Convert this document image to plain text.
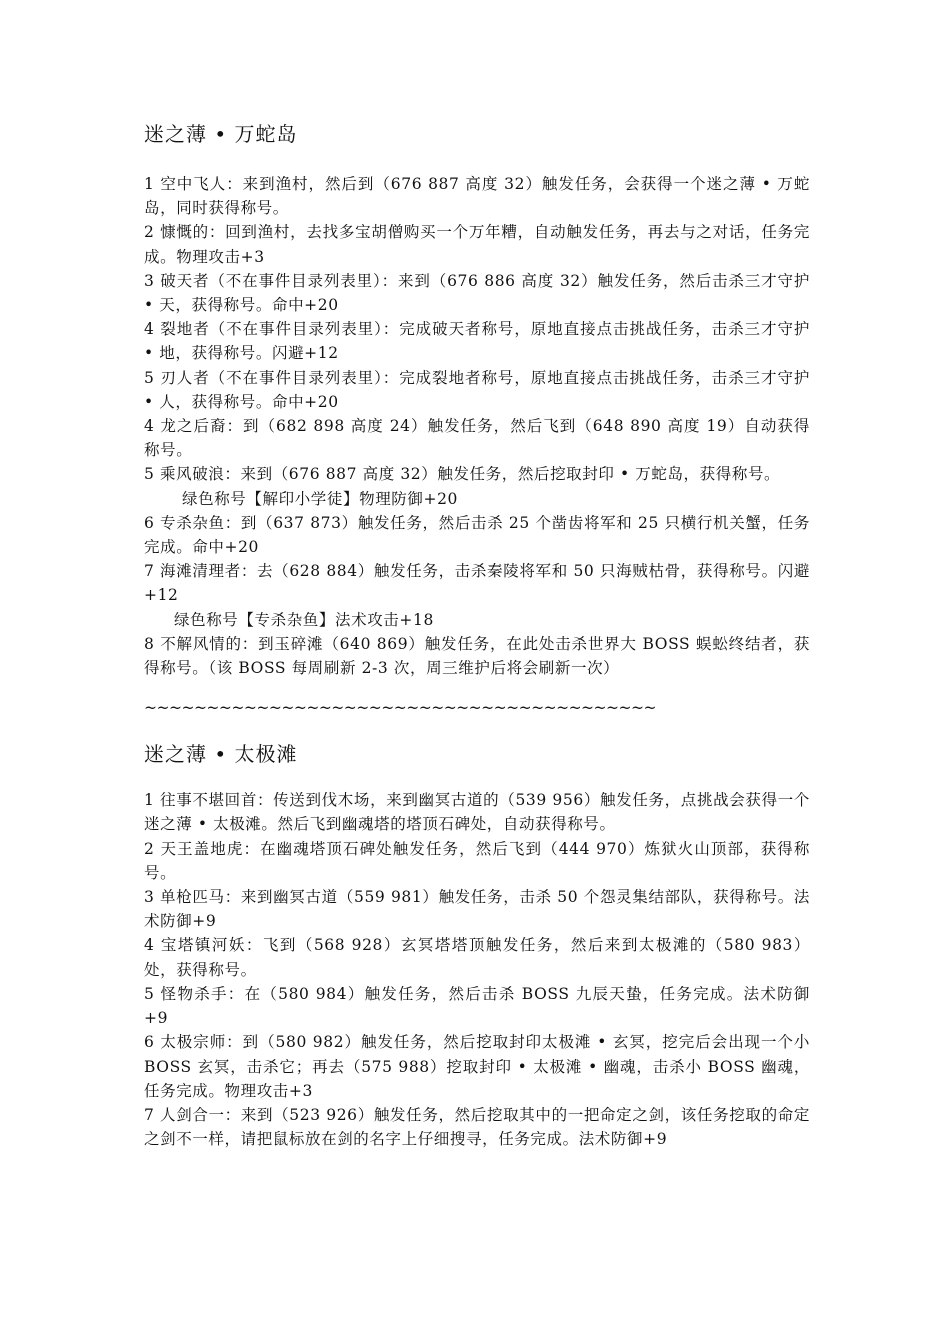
迷之薄 • 万蛇岛

1 空中飞人：来到渔村，然后到（676 887 高度 32）触发任务，会获得一个迷之薄 • 万蛇岛，同时获得称号。

2 慷慨的：回到渔村，去找多宝胡僧购买一个万年糟，自动触发任务，再去与之对话，任务完成。物理攻击+3

3 破天者（不在事件目录列表里）：来到（676 886 高度 32）触发任务，然后击杀三才守护 • 天，获得称号。命中+20

4 裂地者（不在事件目录列表里）：完成破天者称号，原地直接点击挑战任务，击杀三才守护 • 地，获得称号。闪避+12

5 刃人者（不在事件目录列表里）：完成裂地者称号，原地直接点击挑战任务，击杀三才守护 • 人，获得称号。命中+20

4 龙之后裔：到（682 898 高度 24）触发任务，然后飞到（648 890 高度 19）自动获得称号。

5 乘风破浪：来到（676 887 高度 32）触发任务，然后挖取封印 • 万蛇岛，获得称号。

绿色称号【解印小学徒】物理防御+20

6 专杀杂鱼：到（637 873）触发任务，然后击杀 25 个凿齿将军和 25 只横行机关蟹，任务完成。命中+20

7 海滩清理者：去（628 884）触发任务，击杀秦陵将军和 50 只海贼枯骨，获得称号。闪避+12

绿色称号【专杀杂鱼】法术攻击+18

8 不解风情的：到玉碎滩（640 869）触发任务，在此处击杀世界大 BOSS 蜈蚣终结者，获得称号。（该 BOSS 每周刷新 2-3 次，周三维护后将会刷新一次）

~~~~~~~~~~~~~~~~~~~~~~~~~~~~~~~~~~~~~~~~~
迷之薄 • 太极滩

1 往事不堪回首：传送到伐木场，来到幽冥古道的（539 956）触发任务，点挑战会获得一个迷之薄 • 太极滩。然后飞到幽魂塔的塔顶石碑处，自动获得称号。

2 天王盖地虎：在幽魂塔顶石碑处触发任务，然后飞到（444 970）炼狱火山顶部，获得称号。

3 单枪匹马：来到幽冥古道（559 981）触发任务，击杀 50 个怨灵集结部队，获得称号。法术防御+9

4 宝塔镇河妖：飞到（568 928）玄冥塔塔顶触发任务，然后来到太极滩的（580 983）处，获得称号。

5 怪物杀手：在（580 984）触发任务，然后击杀 BOSS 九辰天蛰，任务完成。法术防御+9

6 太极宗师：到（580 982）触发任务，然后挖取封印太极滩 • 玄冥，挖完后会出现一个小 BOSS 玄冥，击杀它；再去（575 988）挖取封印 • 太极滩 • 幽魂，击杀小 BOSS 幽魂，任务完成。物理攻击+3

7 人剑合一：来到（523 926）触发任务，然后挖取其中的一把命定之剑，该任务挖取的命定之剑不一样，请把鼠标放在剑的名字上仔细搜寻，任务完成。法术防御+9
